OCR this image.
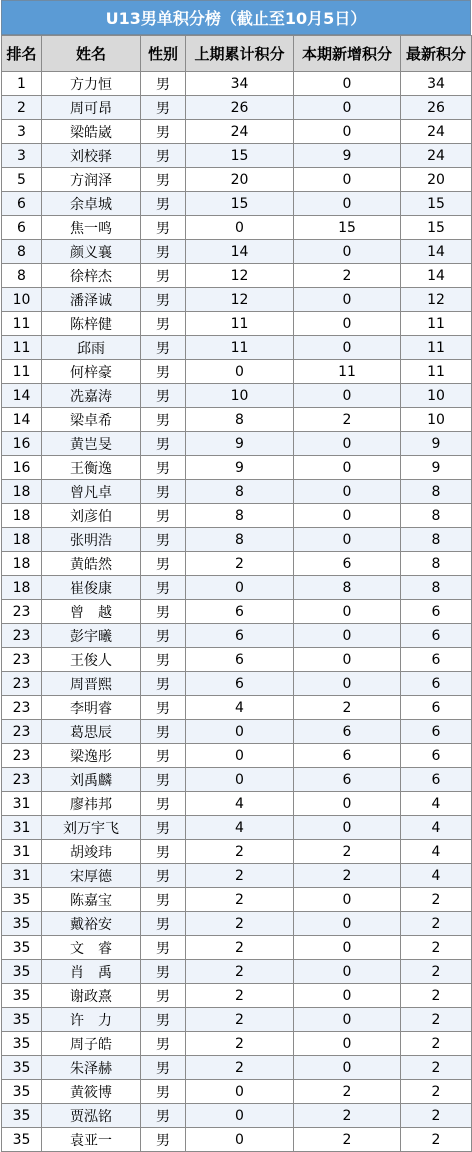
U13男单积分榜（截止至10月5日）
排名	姓名	性别	上期累计积分	本期新增积分	最新积分
1	方力恒	男	34	0	34
2	周可昂	男	26	0	26
3	梁皓崴	男	24	0	24
3	刘校驿	男	15	9	24
5	方润泽	男	20	0	20
6	余卓城	男	15	0	15
6	焦一鸣	男	0	15	15
8	颜义襄	男	14	0	14
8	徐梓杰	男	12	2	14
10	潘泽诚	男	12	0	12
11	陈梓健	男	11	0	11
11	邱雨	男	11	0	11
11	何梓豪	男	0	11	11
14	冼嘉涛	男	10	0	10
14	梁卓希	男	8	2	10
16	黄岂旻	男	9	0	9
16	王衡逸	男	9	0	9
18	曾凡卓	男	8	0	8
18	刘彦伯	男	8	0	8
18	张明浩	男	8	0	8
18	黄皓然	男	2	6	8
18	崔俊康	男	0	8	8
23	曾　越	男	6	0	6
23	彭宇曦	男	6	0	6
23	王俊人	男	6	0	6
23	周晋熙	男	6	0	6
23	李明睿	男	4	2	6
23	葛思辰	男	0	6	6
23	梁逸彤	男	0	6	6
23	刘禹麟	男	0	6	6
31	廖祎邦	男	4	0	4
31	刘万宇飞	男	4	0	4
31	胡竣玮	男	2	2	4
31	宋厚德	男	2	2	4
35	陈嘉宝	男	2	0	2
35	戴裕安	男	2	0	2
35	文　睿	男	2	0	2
35	肖　禹	男	2	0	2
35	谢政熹	男	2	0	2
35	许　力	男	2	0	2
35	周子皓	男	2	0	2
35	朱泽赫	男	2	0	2
35	黄筱博	男	0	2	2
35	贾泓铭	男	0	2	2
35	袁亚一	男	0	2	2
